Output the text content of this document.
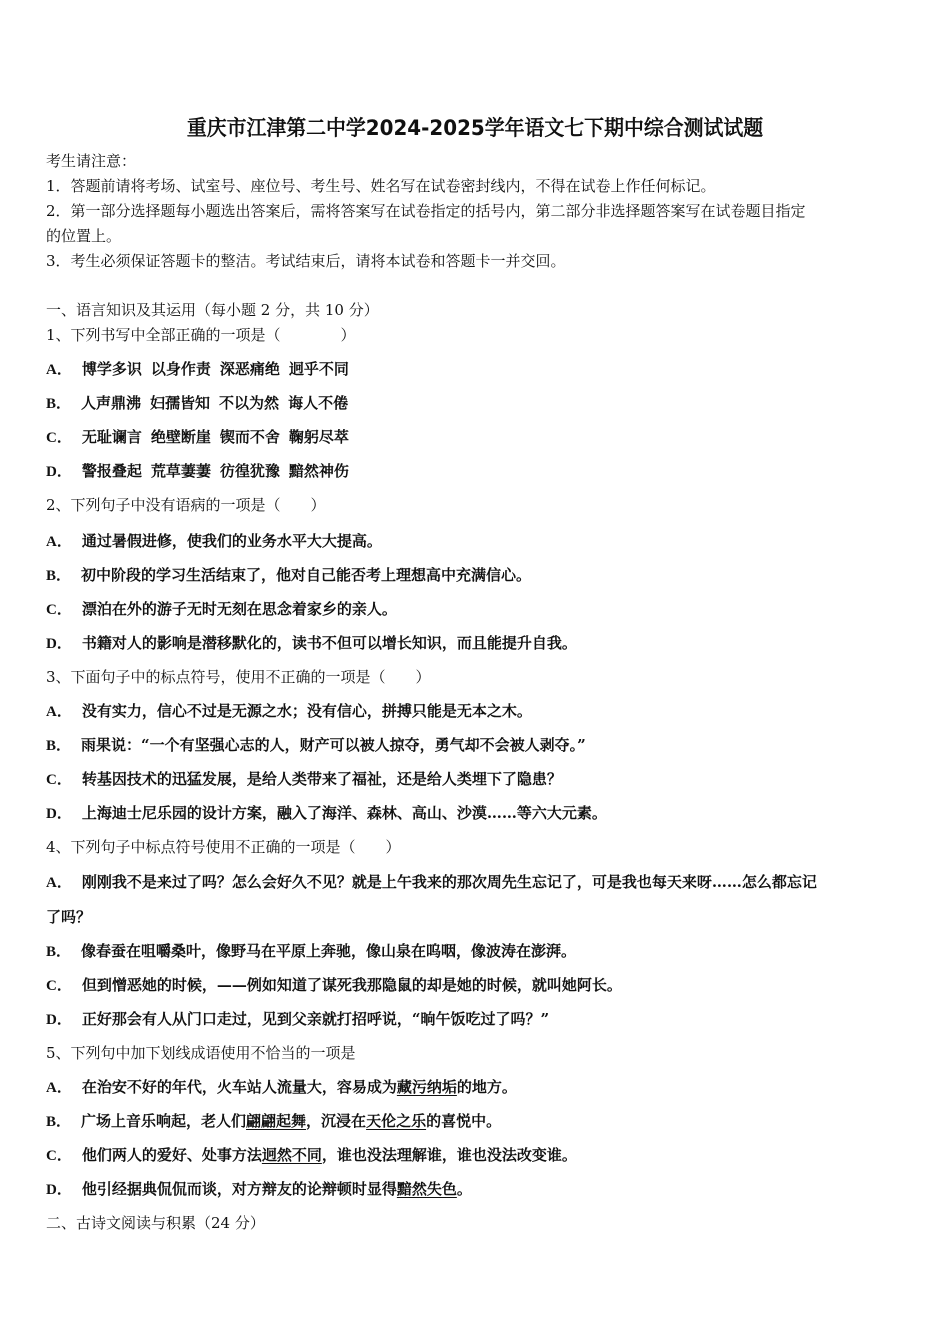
重庆市江津第二中学2024-2025学年语文七下期中综合测试试题
考生请注意：
1．答题前请将考场、试室号、座位号、考生号、姓名写在试卷密封线内，不得在试卷上作任何标记。
2．第一部分选择题每小题选出答案后，需将答案写在试卷指定的括号内，第二部分非选择题答案写在试卷题目指定
的位置上。
3．考生必须保证答题卡的整洁。考试结束后，请将本试卷和答题卡一并交回。
一、语言知识及其运用（每小题 2 分，共 10 分）
1、下列书写中全部正确的一项是（　　　　）
A． 博学多识 以身作责 深恶痛绝 迥乎不同
B． 人声鼎沸 妇孺皆知 不以为然 诲人不倦
C． 无耻谰言 绝壁断崖 锲而不舍 鞠躬尽萃
D． 警报叠起 荒草萋萋 彷徨犹豫 黯然神伤
2、下列句子中没有语病的一项是（　　）
A． 通过暑假进修，使我们的业务水平大大提高。
B． 初中阶段的学习生活结束了，他对自己能否考上理想高中充满信心。
C． 漂泊在外的游子无时无刻在思念着家乡的亲人。
D． 书籍对人的影响是潜移默化的，读书不但可以增长知识，而且能提升自我。
3、下面句子中的标点符号，使用不正确的一项是（　　）
A． 没有实力，信心不过是无源之水；没有信心，拼搏只能是无本之木。
B． 雨果说：“一个有坚强心志的人，财产可以被人掠夺，勇气却不会被人剥夺。”
C． 转基因技术的迅猛发展，是给人类带来了福祉，还是给人类埋下了隐患？
D． 上海迪士尼乐园的设计方案，融入了海洋、森林、高山、沙漠……等六大元素。
4、下列句子中标点符号使用不正确的一项是（　　）
A． 刚刚我不是来过了吗？怎么会好久不见？就是上午我来的那次周先生忘记了，可是我也每天来呀……怎么都忘记
了吗？
B． 像春蚕在咀嚼桑叶，像野马在平原上奔驰，像山泉在呜咽，像波涛在澎湃。
C． 但到憎恶她的时候，——例如知道了谋死我那隐鼠的却是她的时候，就叫她阿长。
D． 正好那会有人从门口走过，见到父亲就打招呼说，“晌午饭吃过了吗？”
5、下列句中加下划线成语使用不恰当的一项是
A． 在治安不好的年代，火车站人流量大，容易成为藏污纳垢的地方。
B． 广场上音乐响起，老人们翩翩起舞，沉浸在天伦之乐的喜悦中。
C． 他们两人的爱好、处事方法迥然不同，谁也没法理解谁，谁也没法改变谁。
D． 他引经据典侃侃而谈，对方辩友的论辩顿时显得黯然失色。
二、古诗文阅读与积累（24 分）
